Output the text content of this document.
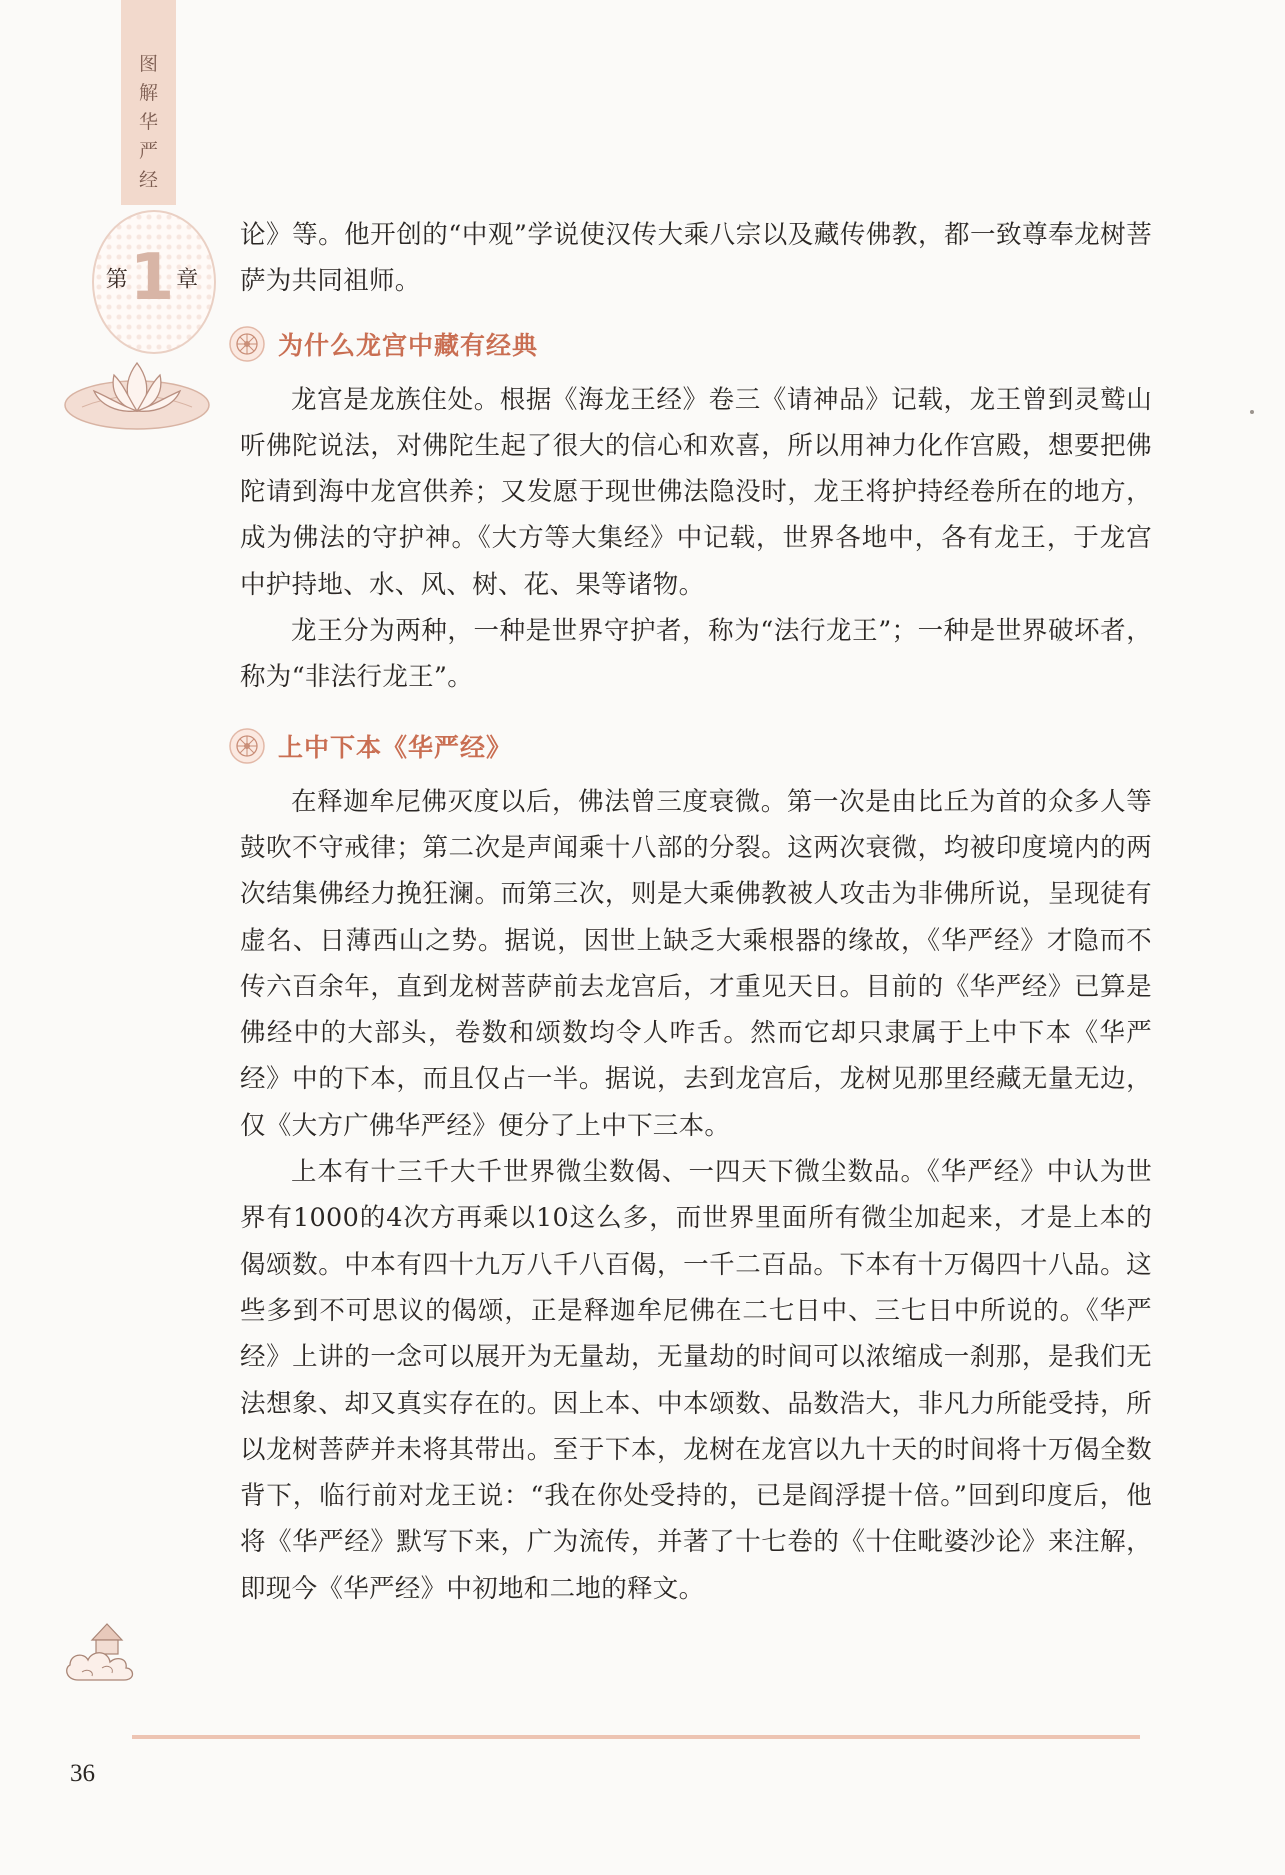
图
解
华
严
经
第1章

论》等。他开创的“中观”学说使汉传大乘八宗以及藏传佛教，都一致尊奉龙树菩萨为共同祖师。

为什么龙宫中藏有经典

龙宫是龙族住处。根据《海龙王经》卷三《请神品》记载，龙王曾到灵鹫山听佛陀说法，对佛陀生起了很大的信心和欢喜，所以用神力化作宫殿，想要把佛陀请到海中龙宫供养；又发愿于现世佛法隐没时，龙王将护持经卷所在的地方，成为佛法的守护神。《大方等大集经》中记载，世界各地中，各有龙王，于龙宫中护持地、水、风、树、花、果等诸物。

龙王分为两种，一种是世界守护者，称为“法行龙王”；一种是世界破坏者，称为“非法行龙王”。

上中下本《华严经》

在释迦牟尼佛灭度以后，佛法曾三度衰微。第一次是由比丘为首的众多人等鼓吹不守戒律；第二次是声闻乘十八部的分裂。这两次衰微，均被印度境内的两次结集佛经力挽狂澜。而第三次，则是大乘佛教被人攻击为非佛所说，呈现徒有虚名、日薄西山之势。据说，因世上缺乏大乘根器的缘故，《华严经》才隐而不传六百余年，直到龙树菩萨前去龙宫后，才重见天日。目前的《华严经》已算是佛经中的大部头，卷数和颂数均令人咋舌。然而它却只隶属于上中下本《华严经》中的下本，而且仅占一半。据说，去到龙宫后，龙树见那里经藏无量无边，仅《大方广佛华严经》便分了上中下三本。

上本有十三千大千世界微尘数偈、一四天下微尘数品。《华严经》中认为世界有1000的4次方再乘以10这么多，而世界里面所有微尘加起来，才是上本的偈颂数。中本有四十九万八千八百偈，一千二百品。下本有十万偈四十八品。这些多到不可思议的偈颂，正是释迦牟尼佛在二七日中、三七日中所说的。《华严经》上讲的一念可以展开为无量劫，无量劫的时间可以浓缩成一刹那，是我们无法想象、却又真实存在的。因上本、中本颂数、品数浩大，非凡力所能受持，所以龙树菩萨并未将其带出。至于下本，龙树在龙宫以九十天的时间将十万偈全数背下，临行前对龙王说：“我在你处受持的，已是阎浮提十倍。”回到印度后，他将《华严经》默写下来，广为流传，并著了十七卷的《十住毗婆沙论》来注解，即现今《华严经》中初地和二地的释文。

36
